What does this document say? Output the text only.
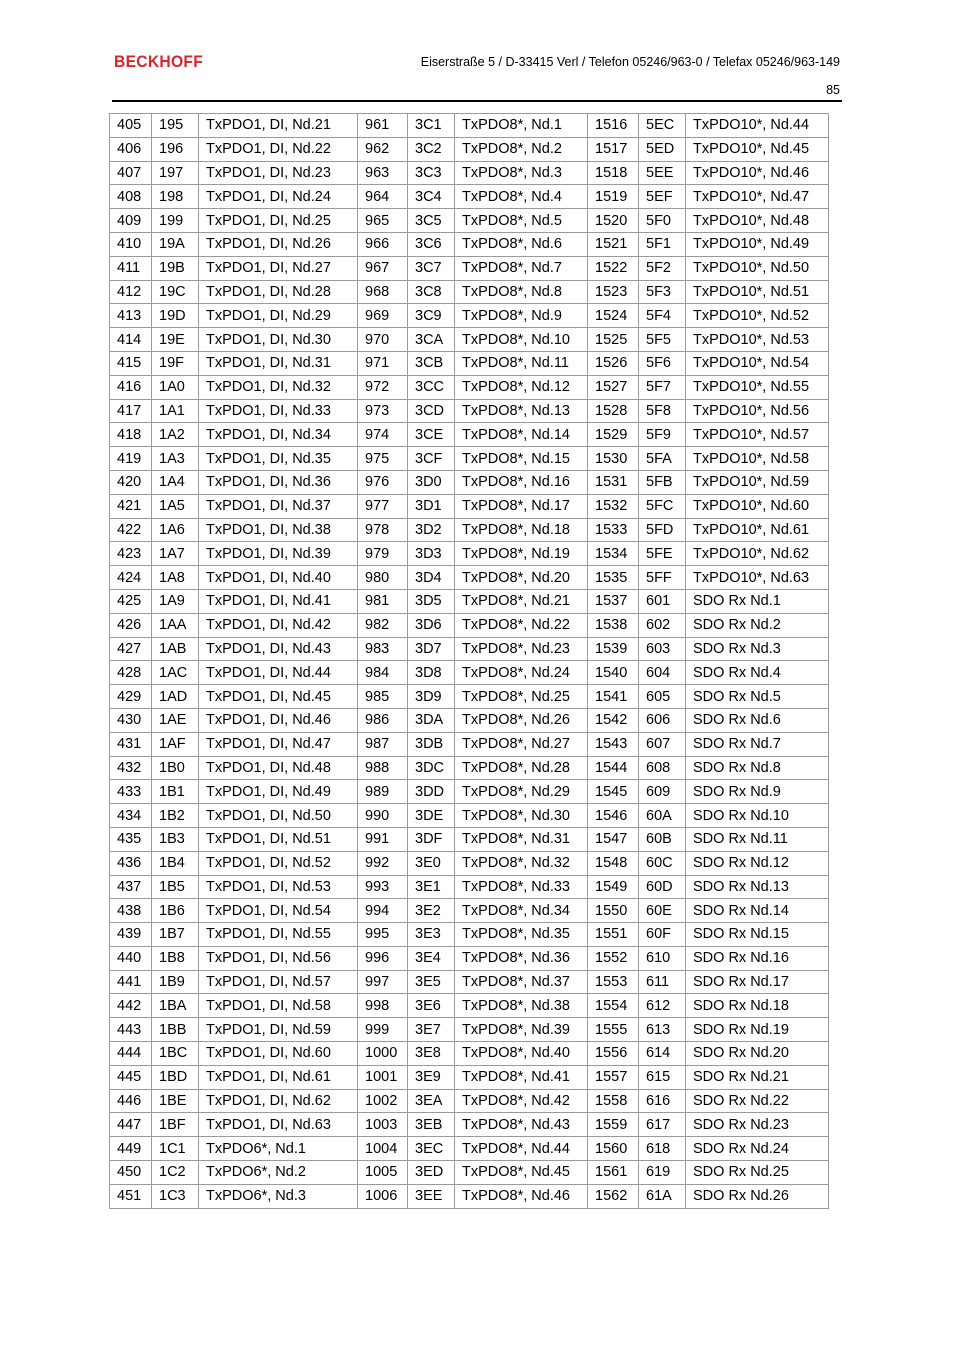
BECKHOFF	Eiserstraße 5 / D-33415 Verl / Telefon 05246/963-0 / Telefax 05246/963-149
85
405	195	TxPDO1, DI, Nd.21	961	3C1	TxPDO8*, Nd.1	1516	5EC	TxPDO10*, Nd.44
406	196	TxPDO1, DI, Nd.22	962	3C2	TxPDO8*, Nd.2	1517	5ED	TxPDO10*, Nd.45
407	197	TxPDO1, DI, Nd.23	963	3C3	TxPDO8*, Nd.3	1518	5EE	TxPDO10*, Nd.46
408	198	TxPDO1, DI, Nd.24	964	3C4	TxPDO8*, Nd.4	1519	5EF	TxPDO10*, Nd.47
409	199	TxPDO1, DI, Nd.25	965	3C5	TxPDO8*, Nd.5	1520	5F0	TxPDO10*, Nd.48
410	19A	TxPDO1, DI, Nd.26	966	3C6	TxPDO8*, Nd.6	1521	5F1	TxPDO10*, Nd.49
411	19B	TxPDO1, DI, Nd.27	967	3C7	TxPDO8*, Nd.7	1522	5F2	TxPDO10*, Nd.50
412	19C	TxPDO1, DI, Nd.28	968	3C8	TxPDO8*, Nd.8	1523	5F3	TxPDO10*, Nd.51
413	19D	TxPDO1, DI, Nd.29	969	3C9	TxPDO8*, Nd.9	1524	5F4	TxPDO10*, Nd.52
414	19E	TxPDO1, DI, Nd.30	970	3CA	TxPDO8*, Nd.10	1525	5F5	TxPDO10*, Nd.53
415	19F	TxPDO1, DI, Nd.31	971	3CB	TxPDO8*, Nd.11	1526	5F6	TxPDO10*, Nd.54
416	1A0	TxPDO1, DI, Nd.32	972	3CC	TxPDO8*, Nd.12	1527	5F7	TxPDO10*, Nd.55
417	1A1	TxPDO1, DI, Nd.33	973	3CD	TxPDO8*, Nd.13	1528	5F8	TxPDO10*, Nd.56
418	1A2	TxPDO1, DI, Nd.34	974	3CE	TxPDO8*, Nd.14	1529	5F9	TxPDO10*, Nd.57
419	1A3	TxPDO1, DI, Nd.35	975	3CF	TxPDO8*, Nd.15	1530	5FA	TxPDO10*, Nd.58
420	1A4	TxPDO1, DI, Nd.36	976	3D0	TxPDO8*, Nd.16	1531	5FB	TxPDO10*, Nd.59
421	1A5	TxPDO1, DI, Nd.37	977	3D1	TxPDO8*, Nd.17	1532	5FC	TxPDO10*, Nd.60
422	1A6	TxPDO1, DI, Nd.38	978	3D2	TxPDO8*, Nd.18	1533	5FD	TxPDO10*, Nd.61
423	1A7	TxPDO1, DI, Nd.39	979	3D3	TxPDO8*, Nd.19	1534	5FE	TxPDO10*, Nd.62
424	1A8	TxPDO1, DI, Nd.40	980	3D4	TxPDO8*, Nd.20	1535	5FF	TxPDO10*, Nd.63
425	1A9	TxPDO1, DI, Nd.41	981	3D5	TxPDO8*, Nd.21	1537	601	SDO Rx Nd.1
426	1AA	TxPDO1, DI, Nd.42	982	3D6	TxPDO8*, Nd.22	1538	602	SDO Rx Nd.2
427	1AB	TxPDO1, DI, Nd.43	983	3D7	TxPDO8*, Nd.23	1539	603	SDO Rx Nd.3
428	1AC	TxPDO1, DI, Nd.44	984	3D8	TxPDO8*, Nd.24	1540	604	SDO Rx Nd.4
429	1AD	TxPDO1, DI, Nd.45	985	3D9	TxPDO8*, Nd.25	1541	605	SDO Rx Nd.5
430	1AE	TxPDO1, DI, Nd.46	986	3DA	TxPDO8*, Nd.26	1542	606	SDO Rx Nd.6
431	1AF	TxPDO1, DI, Nd.47	987	3DB	TxPDO8*, Nd.27	1543	607	SDO Rx Nd.7
432	1B0	TxPDO1, DI, Nd.48	988	3DC	TxPDO8*, Nd.28	1544	608	SDO Rx Nd.8
433	1B1	TxPDO1, DI, Nd.49	989	3DD	TxPDO8*, Nd.29	1545	609	SDO Rx Nd.9
434	1B2	TxPDO1, DI, Nd.50	990	3DE	TxPDO8*, Nd.30	1546	60A	SDO Rx Nd.10
435	1B3	TxPDO1, DI, Nd.51	991	3DF	TxPDO8*, Nd.31	1547	60B	SDO Rx Nd.11
436	1B4	TxPDO1, DI, Nd.52	992	3E0	TxPDO8*, Nd.32	1548	60C	SDO Rx Nd.12
437	1B5	TxPDO1, DI, Nd.53	993	3E1	TxPDO8*, Nd.33	1549	60D	SDO Rx Nd.13
438	1B6	TxPDO1, DI, Nd.54	994	3E2	TxPDO8*, Nd.34	1550	60E	SDO Rx Nd.14
439	1B7	TxPDO1, DI, Nd.55	995	3E3	TxPDO8*, Nd.35	1551	60F	SDO Rx Nd.15
440	1B8	TxPDO1, DI, Nd.56	996	3E4	TxPDO8*, Nd.36	1552	610	SDO Rx Nd.16
441	1B9	TxPDO1, DI, Nd.57	997	3E5	TxPDO8*, Nd.37	1553	611	SDO Rx Nd.17
442	1BA	TxPDO1, DI, Nd.58	998	3E6	TxPDO8*, Nd.38	1554	612	SDO Rx Nd.18
443	1BB	TxPDO1, DI, Nd.59	999	3E7	TxPDO8*, Nd.39	1555	613	SDO Rx Nd.19
444	1BC	TxPDO1, DI, Nd.60	1000	3E8	TxPDO8*, Nd.40	1556	614	SDO Rx Nd.20
445	1BD	TxPDO1, DI, Nd.61	1001	3E9	TxPDO8*, Nd.41	1557	615	SDO Rx Nd.21
446	1BE	TxPDO1, DI, Nd.62	1002	3EA	TxPDO8*, Nd.42	1558	616	SDO Rx Nd.22
447	1BF	TxPDO1, DI, Nd.63	1003	3EB	TxPDO8*, Nd.43	1559	617	SDO Rx Nd.23
449	1C1	TxPDO6*, Nd.1	1004	3EC	TxPDO8*, Nd.44	1560	618	SDO Rx Nd.24
450	1C2	TxPDO6*, Nd.2	1005	3ED	TxPDO8*, Nd.45	1561	619	SDO Rx Nd.25
451	1C3	TxPDO6*, Nd.3	1006	3EE	TxPDO8*, Nd.46	1562	61A	SDO Rx Nd.26
